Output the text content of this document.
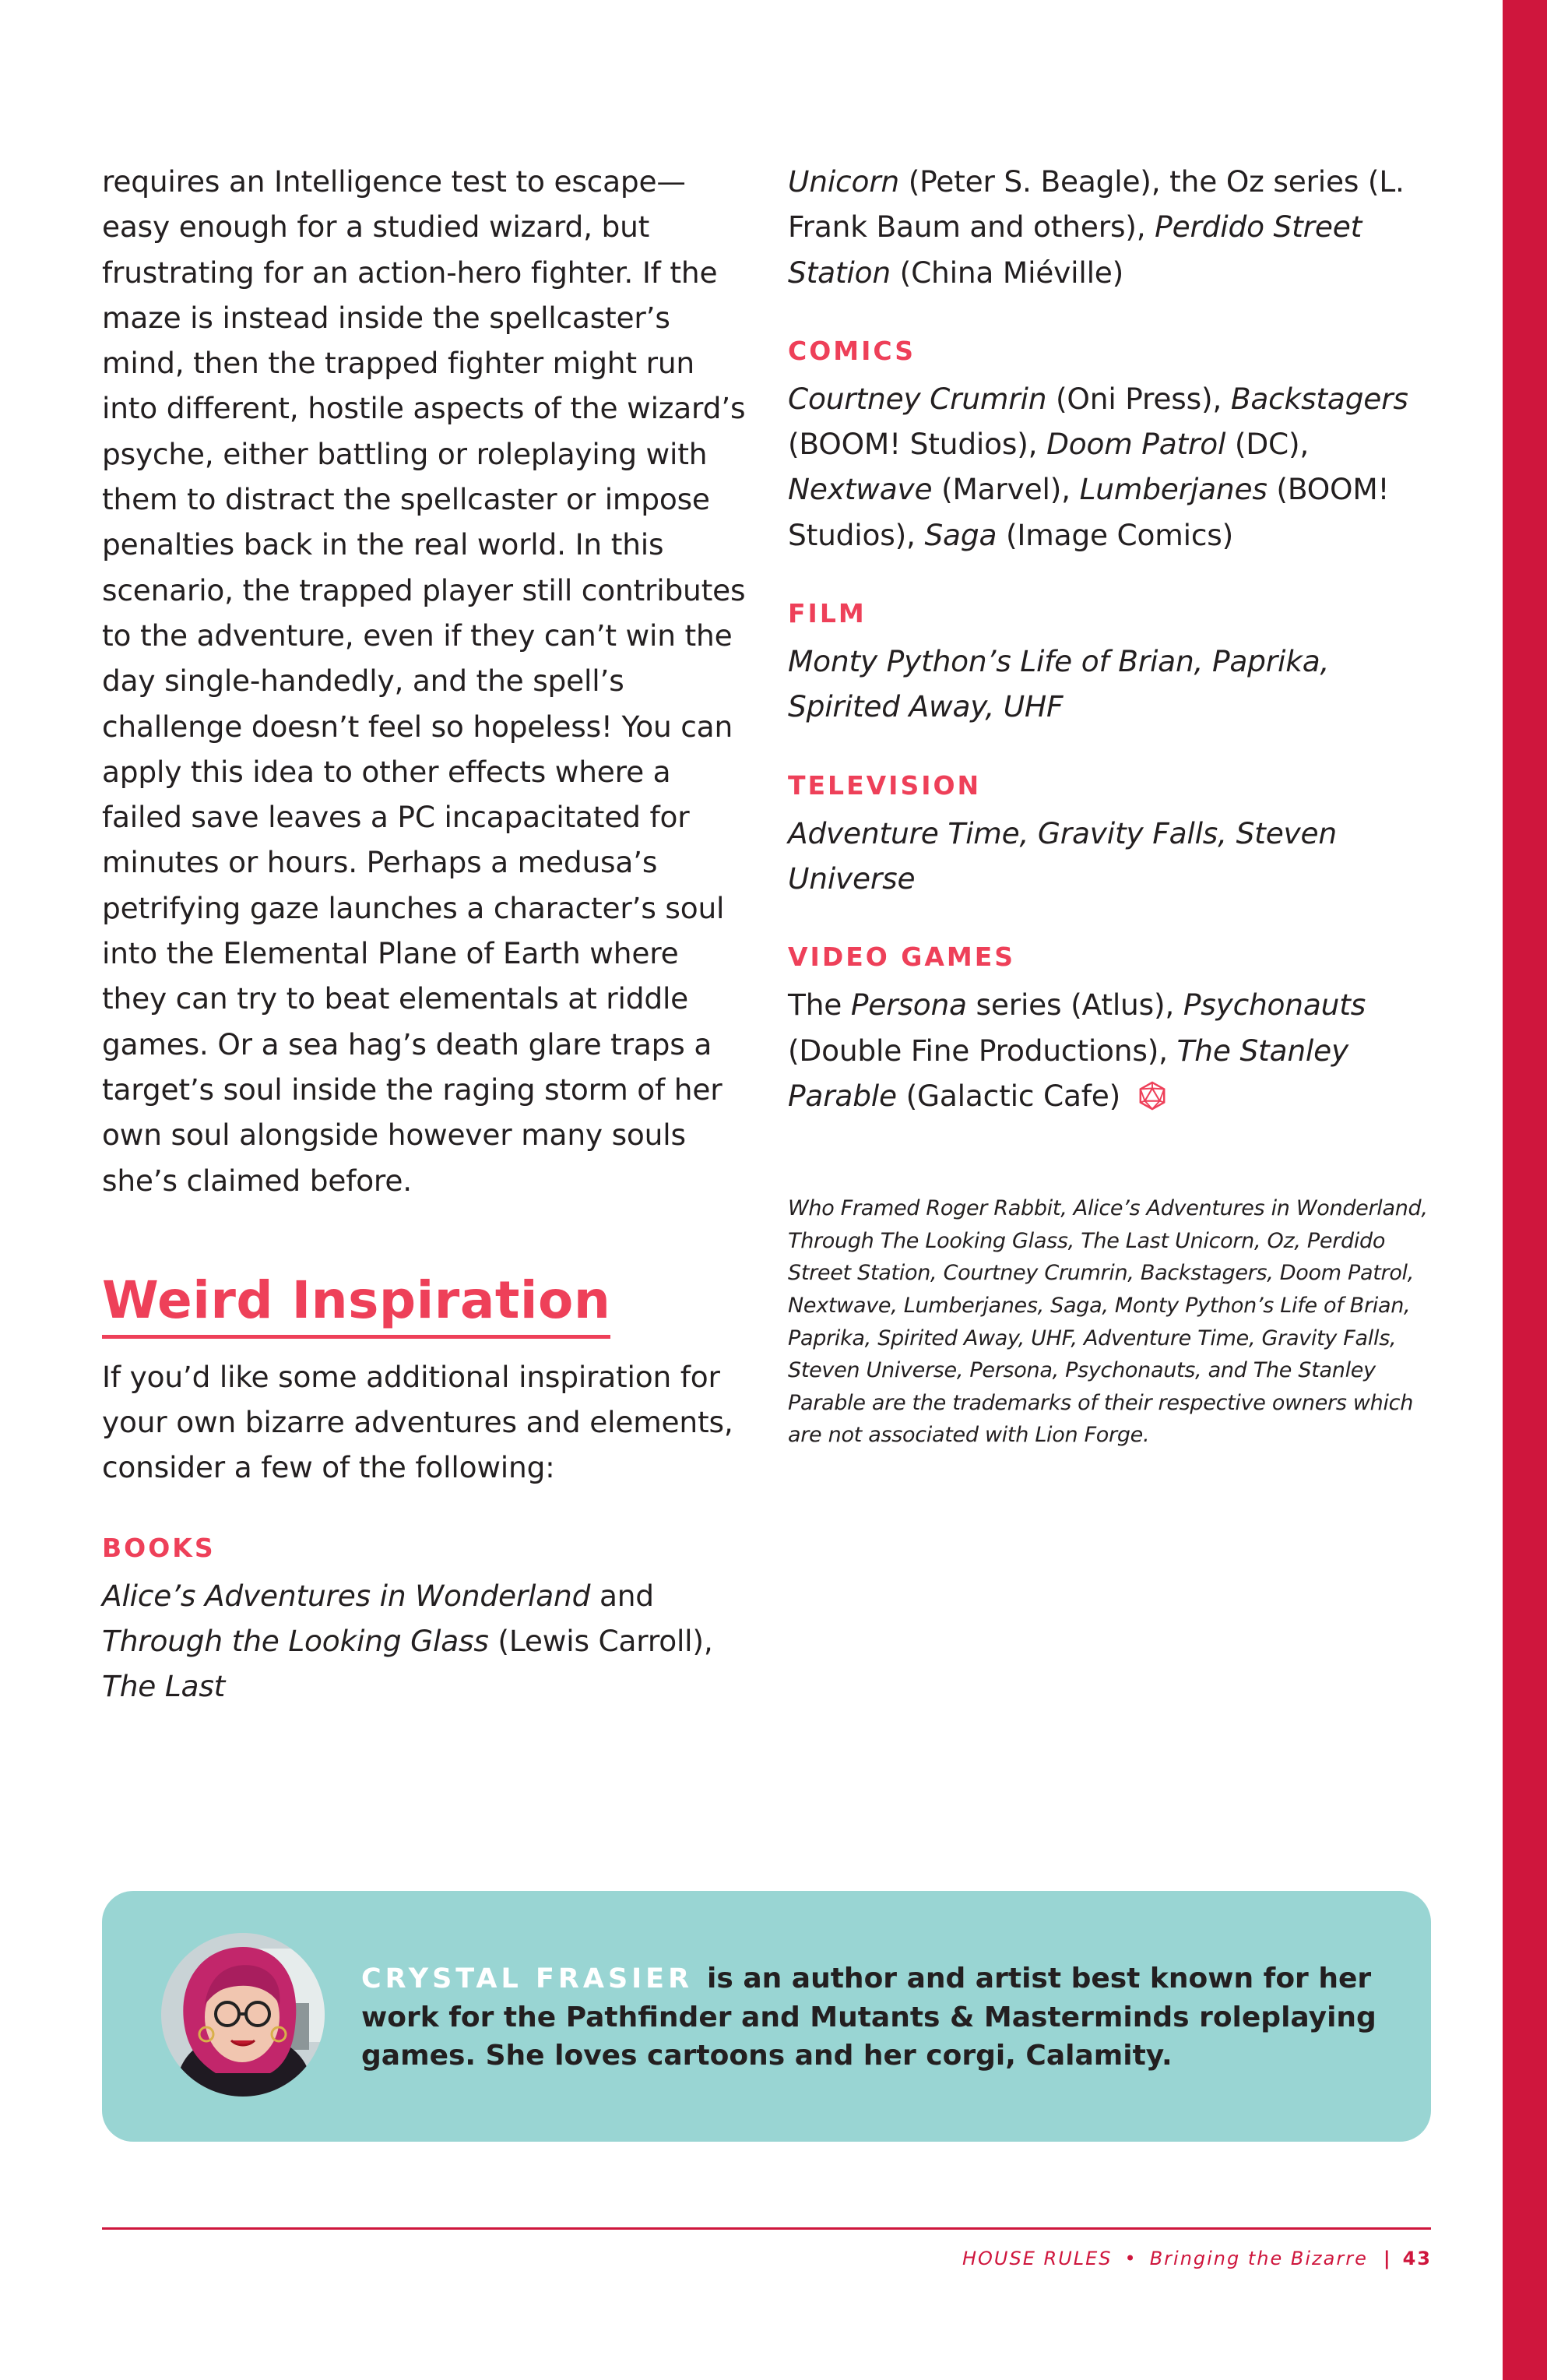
requires an Intelligence test to escape—easy enough for a studied wizard, but frustrating for an action-hero fighter. If the maze is instead inside the spellcaster’s mind, then the trapped fighter might run into different, hostile aspects of the wizard’s psyche, either battling or roleplaying with them to distract the spellcaster or impose penalties back in the real world. In this scenario, the trapped player still contributes to the adventure, even if they can’t win the day single-handedly, and the spell’s challenge doesn’t feel so hopeless! You can apply this idea to other effects where a failed save leaves a PC incapacitated for minutes or hours. Perhaps a medusa’s petrifying gaze launches a character’s soul into the Elemental Plane of Earth where they can try to beat elementals at riddle games. Or a sea hag’s death glare traps a target’s soul inside the raging storm of her own soul alongside however many souls she’s claimed before.

Weird Inspiration

If you’d like some additional inspiration for your own bizarre adventures and elements, consider a few of the following:

BOOKS

Alice’s Adventures in Wonderland and Through the Looking Glass (Lewis Carroll), The Last

Unicorn (Peter S. Beagle), the Oz series (L. Frank Baum and others), Perdido Street Station (China Miéville)

COMICS

Courtney Crumrin (Oni Press), Backstagers (BOOM! Studios), Doom Patrol (DC), Nextwave (Marvel), Lumberjanes (BOOM! Studios), Saga (Image Comics)

FILM

Monty Python’s Life of Brian, Paprika, Spirited Away, UHF

TELEVISION

Adventure Time, Gravity Falls, Steven Universe

VIDEO GAMES

The Persona series (Atlus), Psychonauts (Double Fine Productions), The Stanley Parable (Galactic Cafe)

Who Framed Roger Rabbit, Alice’s Adventures in Wonderland, Through The Looking Glass, The Last Unicorn, Oz, Perdido Street Station, Courtney Crumrin, Backstagers, Doom Patrol, Nextwave, Lumberjanes, Saga, Monty Python’s Life of Brian, Paprika, Spirited Away, UHF, Adventure Time, Gravity Falls, Steven Universe, Persona, Psychonauts, and The Stanley Parable are the trademarks of their respective owners which are not associated with Lion Forge.

CRYSTAL FRASIER is an author and artist best known for her work for the Pathfinder and Mutants & Masterminds roleplaying games. She loves cartoons and her corgi, Calamity.
HOUSE RULES • Bringing the Bizarre | 43
